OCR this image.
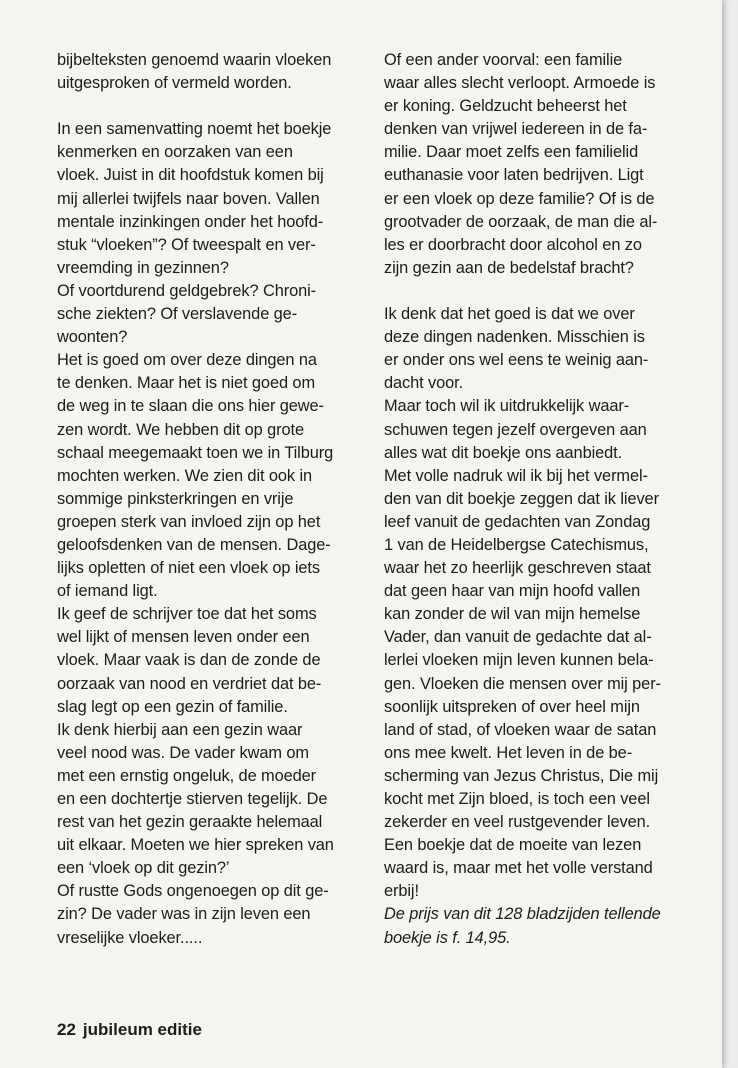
bijbelteksten genoemd waarin vloeken
uitgesproken of vermeld worden.
In een samenvatting noemt het boekje
kenmerken en oorzaken van een
vloek. Juist in dit hoofdstuk komen bij
mij allerlei twijfels naar boven. Vallen
mentale inzinkingen onder het hoofd-
stuk “vloeken”? Of tweespalt en ver-
vreemding in gezinnen?
Of voortdurend geldgebrek? Chroni-
sche ziekten? Of verslavende ge-
woonten?
Het is goed om over deze dingen na
te denken. Maar het is niet goed om
de weg in te slaan die ons hier gewe-
zen wordt. We hebben dit op grote
schaal meegemaakt toen we in Tilburg
mochten werken. We zien dit ook in
sommige pinksterkringen en vrije
groepen sterk van invloed zijn op het
geloofsdenken van de mensen. Dage-
lijks opletten of niet een vloek op iets
of iemand ligt.
Ik geef de schrijver toe dat het soms
wel lijkt of mensen leven onder een
vloek. Maar vaak is dan de zonde de
oorzaak van nood en verdriet dat be-
slag legt op een gezin of familie.
Ik denk hierbij aan een gezin waar
veel nood was. De vader kwam om
met een ernstig ongeluk, de moeder
en een dochtertje stierven tegelijk. De
rest van het gezin geraakte helemaal
uit elkaar. Moeten we hier spreken van
een ‘vloek op dit gezin?’
Of rustte Gods ongenoegen op dit ge-
zin? De vader was in zijn leven een
vreselijke vloeker.....
Of een ander voorval: een familie
waar alles slecht verloopt. Armoede is
er koning. Geldzucht beheerst het
denken van vrijwel iedereen in de fa-
milie. Daar moet zelfs een familielid
euthanasie voor laten bedrijven. Ligt
er een vloek op deze familie? Of is de
grootvader de oorzaak, de man die al-
les er doorbracht door alcohol en zo
zijn gezin aan de bedelstaf bracht?
Ik denk dat het goed is dat we over
deze dingen nadenken. Misschien is
er onder ons wel eens te weinig aan-
dacht voor.
Maar toch wil ik uitdrukkelijk waar-
schuwen tegen jezelf overgeven aan
alles wat dit boekje ons aanbiedt.
Met volle nadruk wil ik bij het vermel-
den van dit boekje zeggen dat ik liever
leef vanuit de gedachten van Zondag
1 van de Heidelbergse Catechismus,
waar het zo heerlijk geschreven staat
dat geen haar van mijn hoofd vallen
kan zonder de wil van mijn hemelse
Vader, dan vanuit de gedachte dat al-
lerlei vloeken mijn leven kunnen bela-
gen. Vloeken die mensen over mij per-
soonlijk uitspreken of over heel mijn
land of stad, of vloeken waar de satan
ons mee kwelt. Het leven in de be-
scherming van Jezus Christus, Die mij
kocht met Zijn bloed, is toch een veel
zekerder en veel rustgevender leven.
Een boekje dat de moeite van lezen
waard is, maar met het volle verstand
erbij!
De prijs van dit 128 bladzijden tellende
boekje is f. 14,95.
22 jubileum editie
